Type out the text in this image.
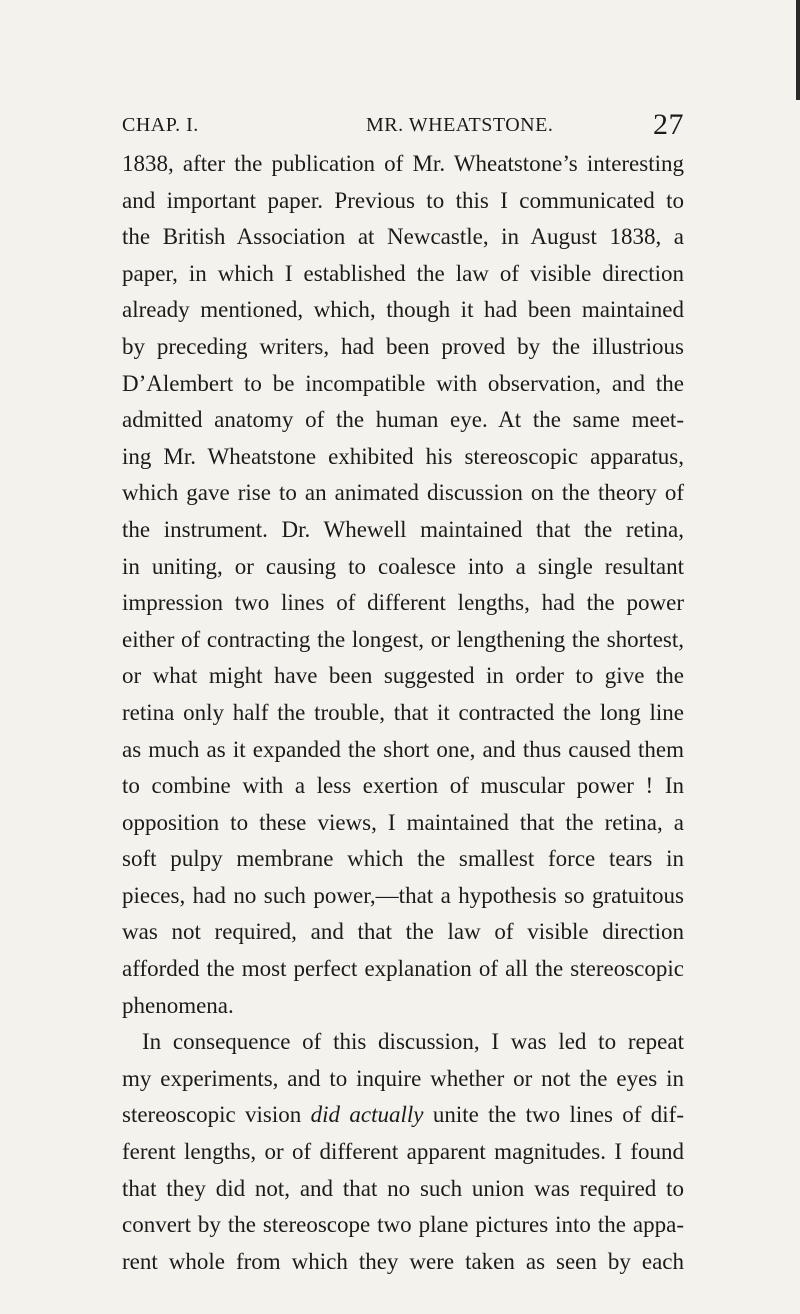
CHAP. I.	MR. WHEATSTONE.	27
1838, after the publication of Mr. Wheatstone’s interesting
and important paper. Previous to this I communicated to
the British Association at Newcastle, in August 1838, a
paper, in which I established the law of visible direction
already mentioned, which, though it had been maintained
by preceding writers, had been proved by the illustrious
D’Alembert to be incompatible with observation, and the
admitted anatomy of the human eye. At the same meet-
ing Mr. Wheatstone exhibited his stereoscopic apparatus,
which gave rise to an animated discussion on the theory of
the instrument. Dr. Whewell maintained that the retina,
in uniting, or causing to coalesce into a single resultant
impression two lines of different lengths, had the power
either of contracting the longest, or lengthening the shortest,
or what might have been suggested in order to give the
retina only half the trouble, that it contracted the long line
as much as it expanded the short one, and thus caused them
to combine with a less exertion of muscular power ! In
opposition to these views, I maintained that the retina, a
soft pulpy membrane which the smallest force tears in
pieces, had no such power,—that a hypothesis so gratuitous
was not required, and that the law of visible direction
afforded the most perfect explanation of all the stereoscopic
phenomena.
In consequence of this discussion, I was led to repeat
my experiments, and to inquire whether or not the eyes in
stereoscopic vision did actually unite the two lines of dif-
ferent lengths, or of different apparent magnitudes. I found
that they did not, and that no such union was required to
convert by the stereoscope two plane pictures into the appa-
rent whole from which they were taken as seen by each
